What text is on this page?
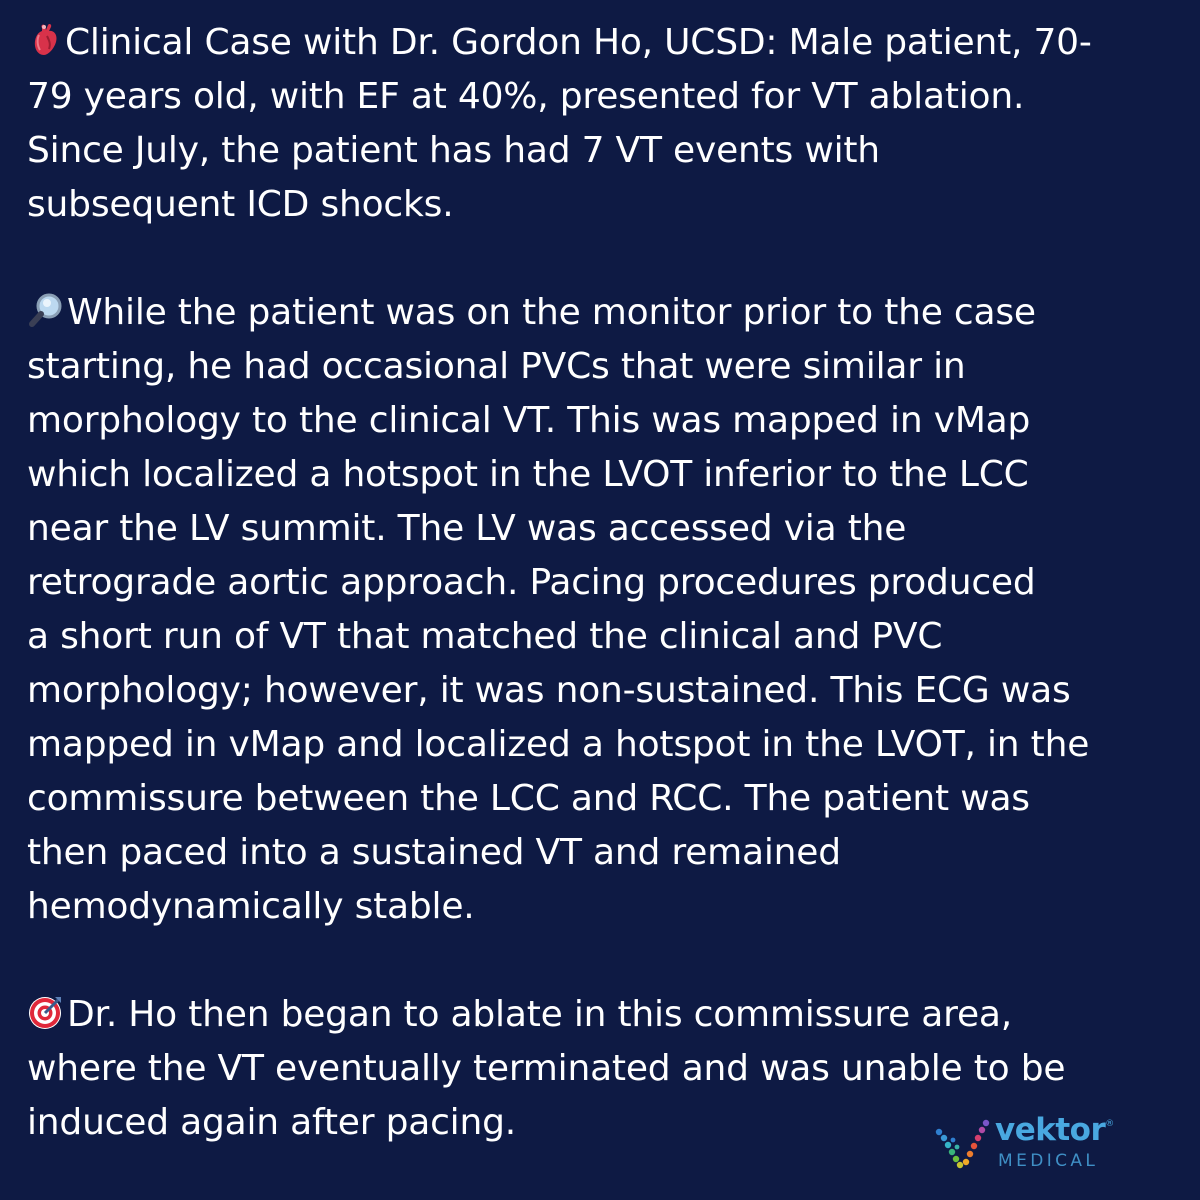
Clinical Case with Dr. Gordon Ho, UCSD: Male patient, 70-
79 years old, with EF at 40%, presented for VT ablation.
Since July, the patient has had 7 VT events with
subsequent ICD shocks.

While the patient was on the monitor prior to the case
starting, he had occasional PVCs that were similar in
morphology to the clinical VT. This was mapped in vMap
which localized a hotspot in the LVOT inferior to the LCC
near the LV summit. The LV was accessed via the
retrograde aortic approach. Pacing procedures produced
a short run of VT that matched the clinical and PVC
morphology; however, it was non-sustained. This ECG was
mapped in vMap and localized a hotspot in the LVOT, in the
commissure between the LCC and RCC. The patient was
then paced into a sustained VT and remained
hemodynamically stable.

Dr. Ho then began to ablate in this commissure area,
where the VT eventually terminated and was unable to be
induced again after pacing.	vektor®
MEDICAL
